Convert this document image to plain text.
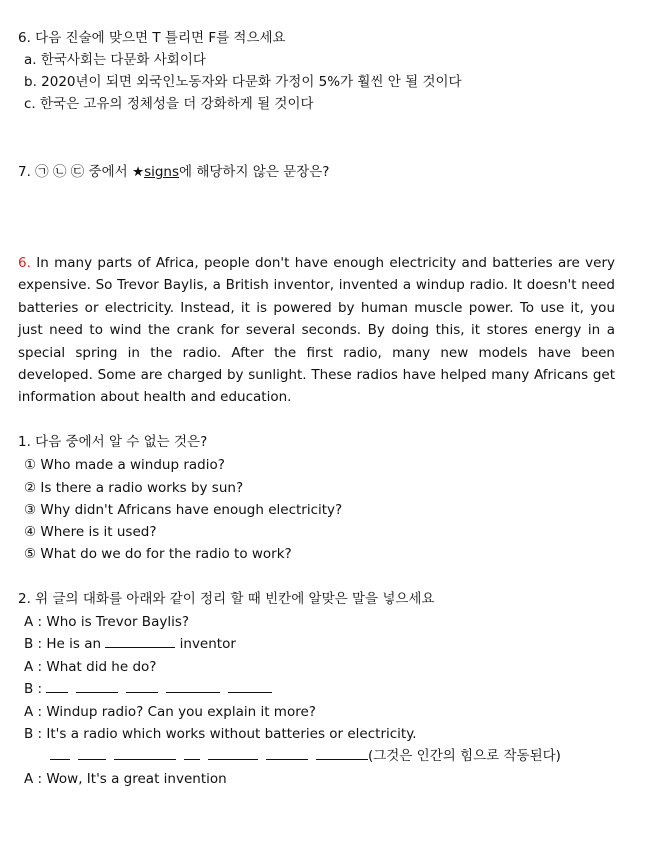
6. 다음 진술에 맞으면 T 틀리면 F를 적으세요
a. 한국사회는 다문화 사회이다
b. 2020년이 되면 외국인노동자와 다문화 가정이 5%가 훨씬 안 될 것이다
c. 한국은 고유의 정체성을 더 강화하게 될 것이다
7. ㉠ ㉡ ㉢ 중에서 ★signs에 해당하지 않은 문장은?
6. In many parts of Africa, people don't have enough electricity and batteries are very expensive. So Trevor Baylis, a British inventor, invented a windup radio. It doesn't need batteries or electricity. Instead, it is powered by human muscle power. To use it, you just need to wind the crank for several seconds. By doing this, it stores energy in a special spring in the radio. After the first radio, many new models have been developed. Some are charged by sunlight. These radios have helped many Africans get information about health and education.
1. 다음 중에서 알 수 없는 것은?
① Who made a windup radio?
② Is there a radio works by sun?
③ Why didn't Africans have enough electricity?
④ Where is it used?
⑤ What do we do for the radio to work?
2. 위 글의 대화를 아래와 같이 정리 할 때 빈칸에 알맞은 말을 넣으세요
A : Who is Trevor Baylis?
B : He is an	inventor
A : What did he do?
B :
A : Windup radio? Can you explain it more?
B : It's a radio which works without batteries or electricity.
(그것은 인간의 힘으로 작동된다)
A : Wow, It's a great invention
